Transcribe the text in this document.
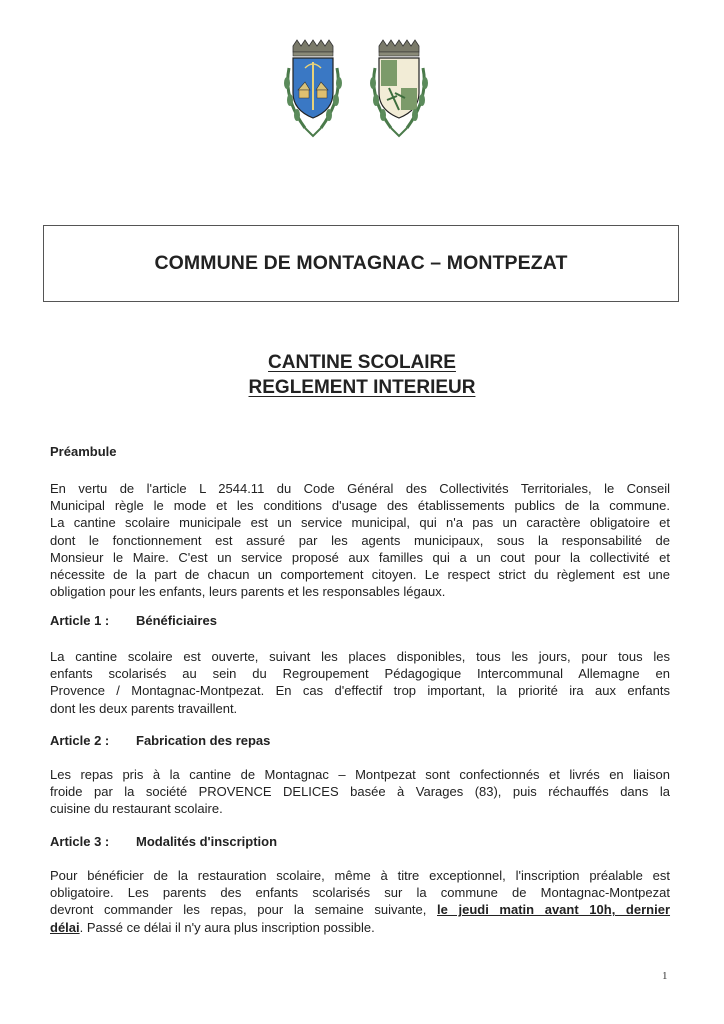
COMMUNE DE MONTAGNAC – MONTPEZAT
CANTINE SCOLAIRE
REGLEMENT INTERIEUR
Préambule
En vertu de l'article L 2544.11 du Code Général des Collectivités Territoriales, le Conseil
Municipal règle le mode et les conditions d'usage des établissements publics de la commune.
La cantine scolaire municipale est un service municipal, qui n'a pas un caractère obligatoire et
dont le fonctionnement est assuré par les agents municipaux, sous la responsabilité de
Monsieur le Maire. C'est un service proposé aux familles qui a un cout pour la collectivité et
nécessite de la part de chacun un comportement citoyen. Le respect strict du règlement est une
obligation pour les enfants, leurs parents et les responsables légaux.
Article 1 : Bénéficiaires
La cantine scolaire est ouverte, suivant les places disponibles, tous les jours, pour tous les
enfants scolarisés au sein du Regroupement Pédagogique Intercommunal Allemagne en
Provence / Montagnac-Montpezat. En cas d'effectif trop important, la priorité ira aux enfants
dont les deux parents travaillent.
Article 2 : Fabrication des repas
Les repas pris à la cantine de Montagnac – Montpezat sont confectionnés et livrés en liaison
froide par la société PROVENCE DELICES basée à Varages (83), puis réchauffés dans la
cuisine du restaurant scolaire.
Article 3 : Modalités d'inscription
Pour bénéficier de la restauration scolaire, même à titre exceptionnel, l'inscription préalable est
obligatoire. Les parents des enfants scolarisés sur la commune de Montagnac-Montpezat
devront commander les repas, pour la semaine suivante, le jeudi matin avant 10h, dernier
délai. Passé ce délai il n'y aura plus inscription possible.
1
